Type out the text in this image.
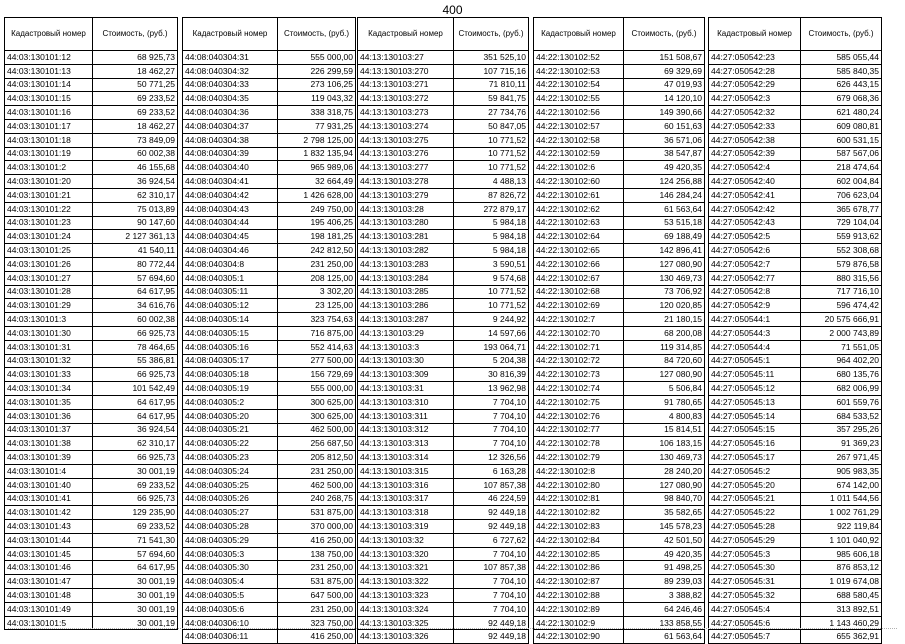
400
Кадастровый номер	Стоимость, (руб.)
44:03:130101:12	68 925,73
44:03:130101:13	18 462,27
44:03:130101:14	50 771,25
44:03:130101:15	69 233,52
44:03:130101:16	69 233,52
44:03:130101:17	18 462,27
44:03:130101:18	73 849,09
44:03:130101:19	60 002,38
44:03:130101:2	46 155,68
44:03:130101:20	36 924,54
44:03:130101:21	62 310,17
44:03:130101:22	75 013,89
44:03:130101:23	90 147,60
44:03:130101:24	2 127 361,13
44:03:130101:25	41 540,11
44:03:130101:26	80 772,44
44:03:130101:27	57 694,60
44:03:130101:28	64 617,95
44:03:130101:29	34 616,76
44:03:130101:3	60 002,38
44:03:130101:30	66 925,73
44:03:130101:31	78 464,65
44:03:130101:32	55 386,81
44:03:130101:33	66 925,73
44:03:130101:34	101 542,49
44:03:130101:35	64 617,95
44:03:130101:36	64 617,95
44:03:130101:37	36 924,54
44:03:130101:38	62 310,17
44:03:130101:39	66 925,73
44:03:130101:4	30 001,19
44:03:130101:40	69 233,52
44:03:130101:41	66 925,73
44:03:130101:42	129 235,90
44:03:130101:43	69 233,52
44:03:130101:44	71 541,30
44:03:130101:45	57 694,60
44:03:130101:46	64 617,95
44:03:130101:47	30 001,19
44:03:130101:48	30 001,19
44:03:130101:49	30 001,19
44:03:130101:5	30 001,19
Кадастровый номер	Стоимость, (руб.)
44:08:040304:31	555 000,00
44:08:040304:32	226 299,59
44:08:040304:33	273 106,25
44:08:040304:35	119 043,32
44:08:040304:36	338 318,75
44:08:040304:37	77 931,25
44:08:040304:38	2 798 125,00
44:08:040304:39	1 832 135,94
44:08:040304:40	965 989,06
44:08:040304:41	32 664,49
44:08:040304:42	1 426 628,00
44:08:040304:43	249 750,00
44:08:040304:44	195 406,25
44:08:040304:45	198 181,25
44:08:040304:46	242 812,50
44:08:040304:8	231 250,00
44:08:040305:1	208 125,00
44:08:040305:11	3 302,20
44:08:040305:12	23 125,00
44:08:040305:14	323 754,63
44:08:040305:15	716 875,00
44:08:040305:16	552 414,63
44:08:040305:17	277 500,00
44:08:040305:18	156 729,69
44:08:040305:19	555 000,00
44:08:040305:2	300 625,00
44:08:040305:20	300 625,00
44:08:040305:21	462 500,00
44:08:040305:22	256 687,50
44:08:040305:23	205 812,50
44:08:040305:24	231 250,00
44:08:040305:25	462 500,00
44:08:040305:26	240 268,75
44:08:040305:27	531 875,00
44:08:040305:28	370 000,00
44:08:040305:29	416 250,00
44:08:040305:3	138 750,00
44:08:040305:30	231 250,00
44:08:040305:4	531 875,00
44:08:040305:5	647 500,00
44:08:040305:6	231 250,00
44:08:040306:10	323 750,00
44:08:040306:11	416 250,00
Кадастровый номер	Стоимость, (руб.)
44:13:130103:27	351 525,10
44:13:130103:270	107 715,16
44:13:130103:271	71 810,11
44:13:130103:272	59 841,75
44:13:130103:273	27 734,76
44:13:130103:274	50 847,05
44:13:130103:275	10 771,52
44:13:130103:276	10 771,52
44:13:130103:277	10 771,52
44:13:130103:278	4 488,13
44:13:130103:279	87 826,72
44:13:130103:28	272 879,17
44:13:130103:280	5 984,18
44:13:130103:281	5 984,18
44:13:130103:282	5 984,18
44:13:130103:283	3 590,51
44:13:130103:284	9 574,68
44:13:130103:285	10 771,52
44:13:130103:286	10 771,52
44:13:130103:287	9 244,92
44:13:130103:29	14 597,66
44:13:130103:3	193 064,71
44:13:130103:30	5 204,38
44:13:130103:309	30 816,39
44:13:130103:31	13 962,98
44:13:130103:310	7 704,10
44:13:130103:311	7 704,10
44:13:130103:312	7 704,10
44:13:130103:313	7 704,10
44:13:130103:314	12 326,56
44:13:130103:315	6 163,28
44:13:130103:316	107 857,38
44:13:130103:317	46 224,59
44:13:130103:318	92 449,18
44:13:130103:319	92 449,18
44:13:130103:32	6 727,62
44:13:130103:320	7 704,10
44:13:130103:321	107 857,38
44:13:130103:322	7 704,10
44:13:130103:323	7 704,10
44:13:130103:324	7 704,10
44:13:130103:325	92 449,18
44:13:130103:326	92 449,18
Кадастровый номер	Стоимость, (руб.)
44:22:130102:52	151 508,67
44:22:130102:53	69 329,69
44:22:130102:54	47 019,93
44:22:130102:55	14 120,10
44:22:130102:56	149 390,66
44:22:130102:57	60 151,63
44:22:130102:58	36 571,06
44:22:130102:59	38 547,87
44:22:130102:6	49 420,35
44:22:130102:60	124 256,88
44:22:130102:61	146 284,24
44:22:130102:62	61 563,64
44:22:130102:63	53 515,18
44:22:130102:64	69 188,49
44:22:130102:65	142 896,41
44:22:130102:66	127 080,90
44:22:130102:67	130 469,73
44:22:130102:68	73 706,92
44:22:130102:69	120 020,85
44:22:130102:7	21 180,15
44:22:130102:70	68 200,08
44:22:130102:71	119 314,85
44:22:130102:72	84 720,60
44:22:130102:73	127 080,90
44:22:130102:74	5 506,84
44:22:130102:75	91 780,65
44:22:130102:76	4 800,83
44:22:130102:77	15 814,51
44:22:130102:78	106 183,15
44:22:130102:79	130 469,73
44:22:130102:8	28 240,20
44:22:130102:80	127 080,90
44:22:130102:81	98 840,70
44:22:130102:82	35 582,65
44:22:130102:83	145 578,23
44:22:130102:84	42 501,50
44:22:130102:85	49 420,35
44:22:130102:86	91 498,25
44:22:130102:87	89 239,03
44:22:130102:88	3 388,82
44:22:130102:89	64 246,46
44:22:130102:9	133 858,55
44:22:130102:90	61 563,64
Кадастровый номер	Стоимость, (руб.)
44:27:050542:23	585 055,44
44:27:050542:28	585 840,35
44:27:050542:29	626 443,15
44:27:050542:3	679 068,36
44:27:050542:32	621 480,24
44:27:050542:33	609 080,81
44:27:050542:38	600 531,15
44:27:050542:39	587 567,06
44:27:050542:4	218 474,64
44:27:050542:40	602 004,84
44:27:050542:41	706 623,04
44:27:050542:42	365 678,77
44:27:050542:43	729 104,04
44:27:050542:5	559 913,62
44:27:050542:6	552 308,68
44:27:050542:7	579 876,58
44:27:050542:77	880 315,56
44:27:050542:8	717 716,10
44:27:050542:9	596 474,42
44:27:050544:1	20 575 666,91
44:27:050544:3	2 000 743,89
44:27:050544:4	71 551,05
44:27:050545:1	964 402,20
44:27:050545:11	680 135,76
44:27:050545:12	682 006,99
44:27:050545:13	601 559,76
44:27:050545:14	684 533,52
44:27:050545:15	357 295,26
44:27:050545:16	91 369,23
44:27:050545:17	267 971,45
44:27:050545:2	905 983,35
44:27:050545:20	674 142,00
44:27:050545:21	1 011 544,56
44:27:050545:22	1 002 761,29
44:27:050545:28	922 119,84
44:27:050545:29	1 101 040,92
44:27:050545:3	985 606,18
44:27:050545:30	876 853,12
44:27:050545:31	1 019 674,08
44:27:050545:32	688 580,45
44:27:050545:4	313 892,51
44:27:050545:6	1 143 460,29
44:27:050545:7	655 362,91
